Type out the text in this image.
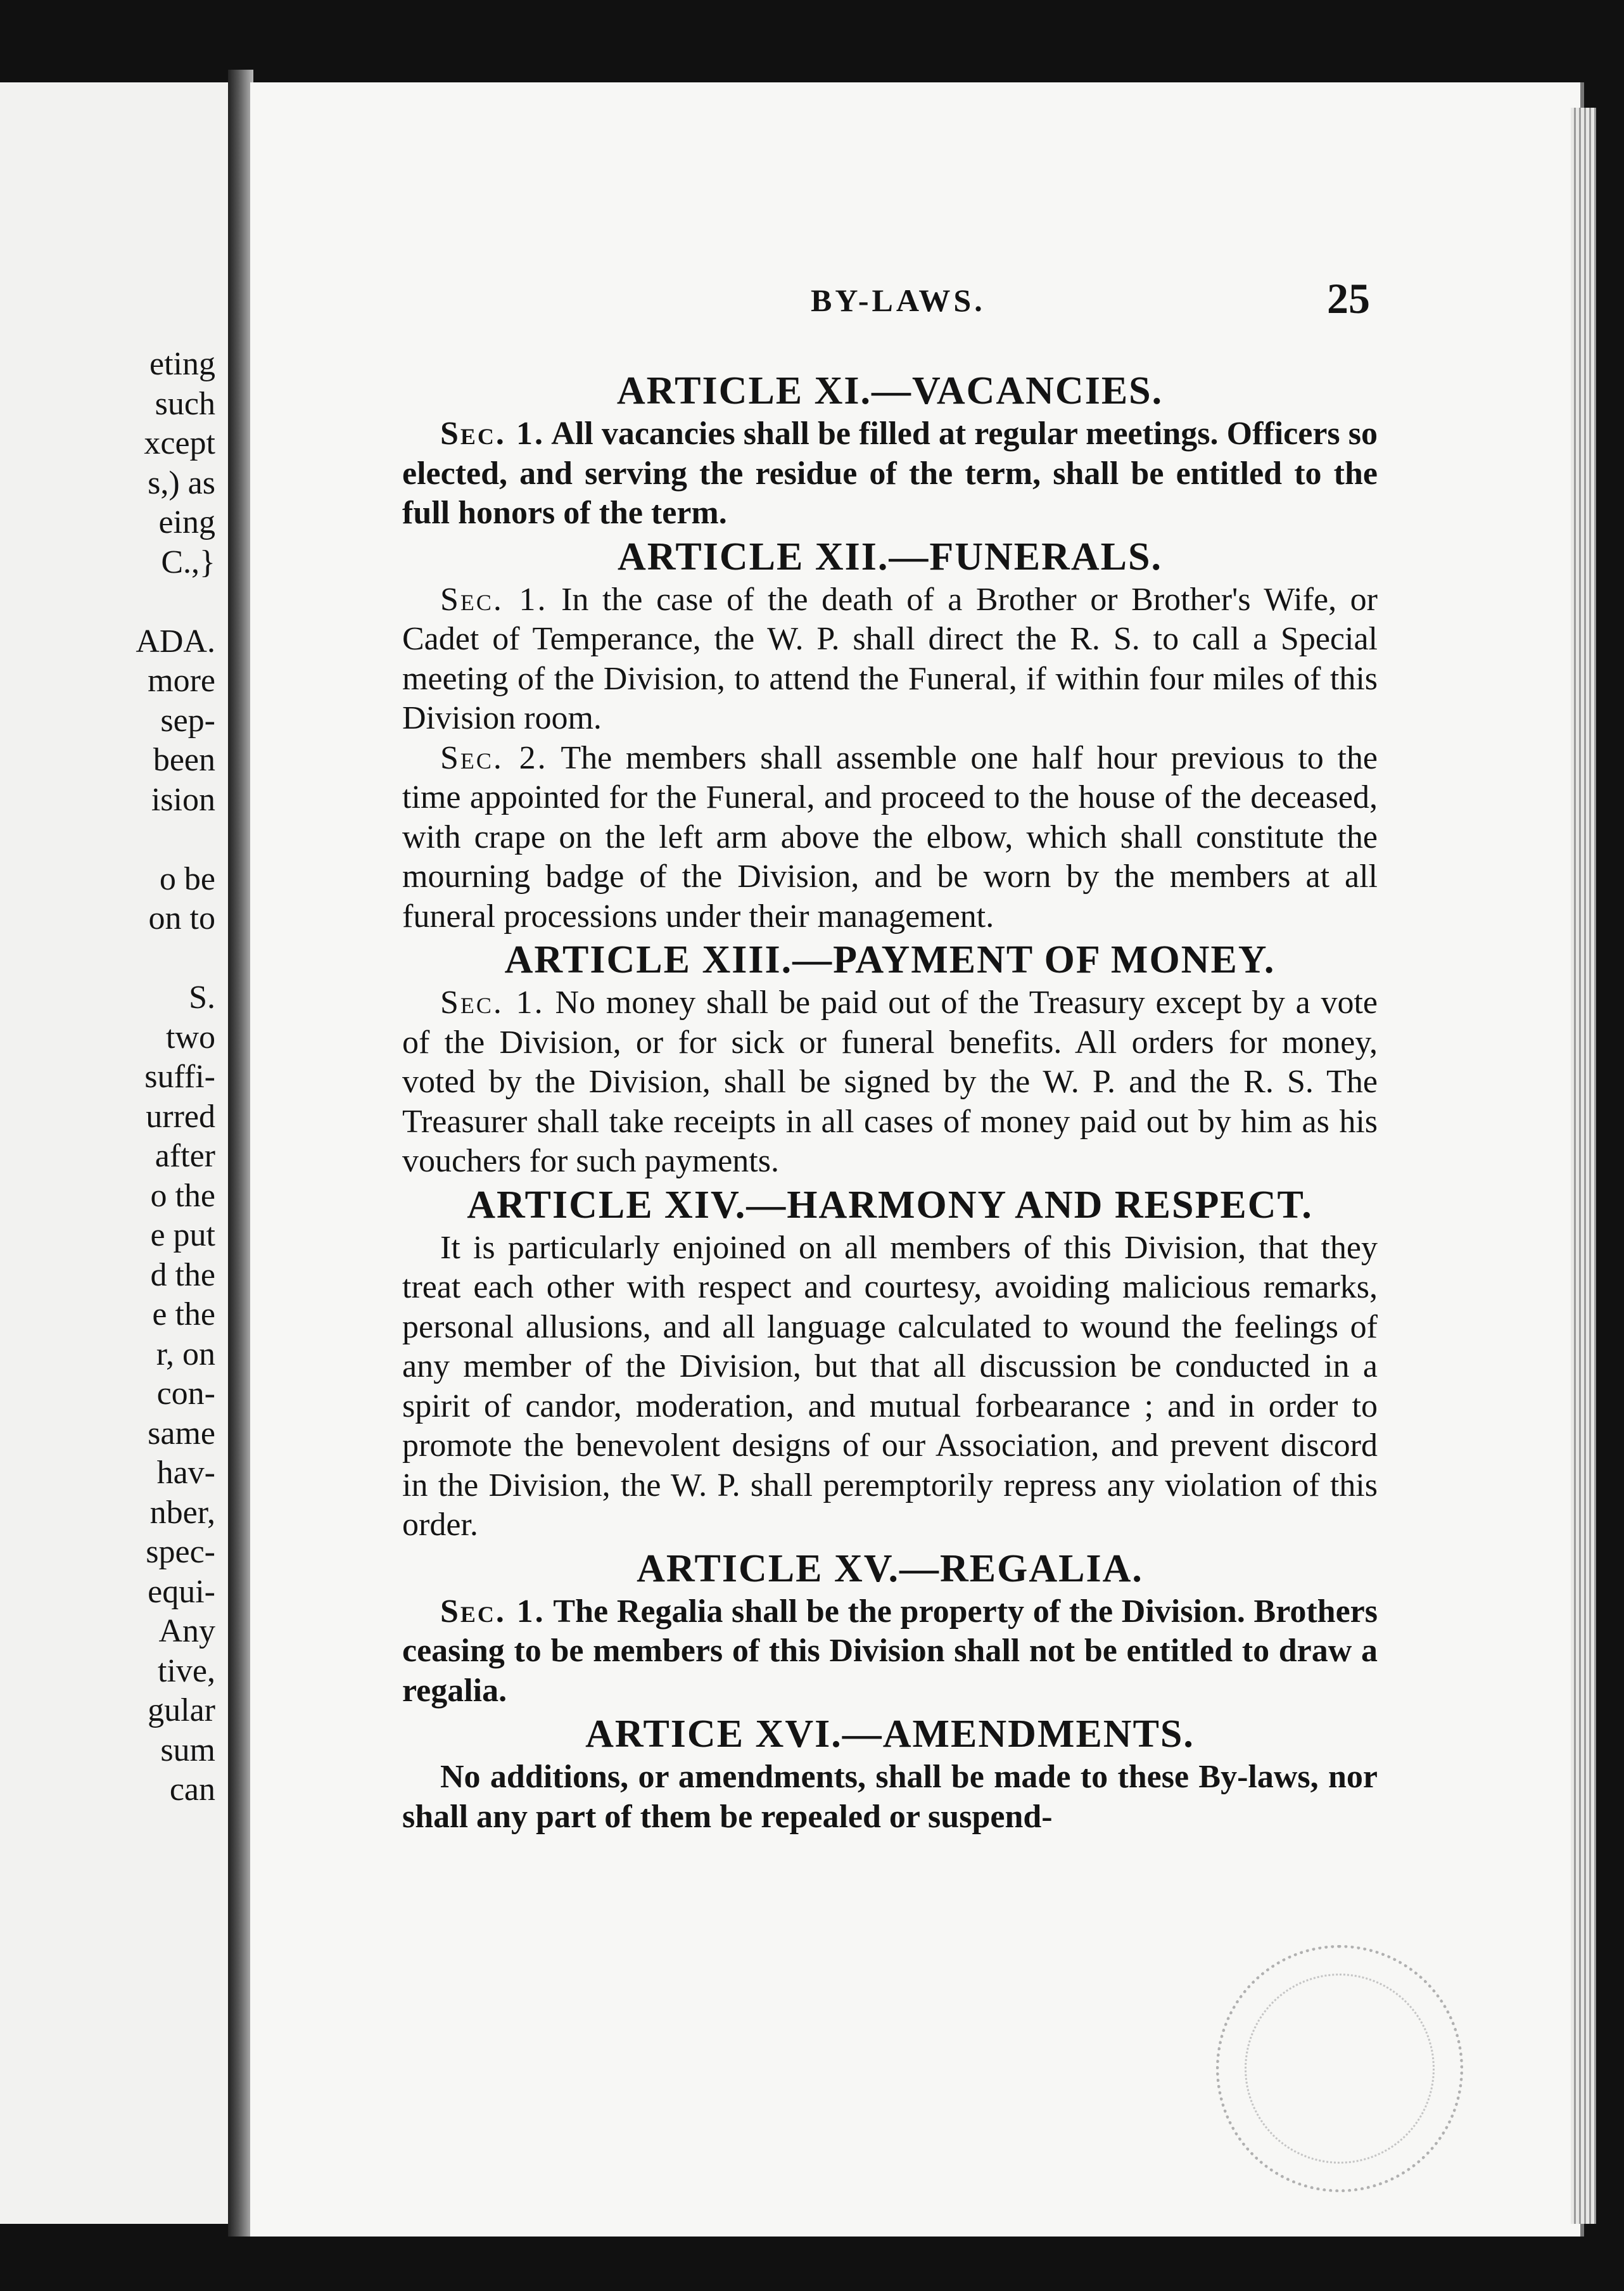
eting
such
xcept
s,) as
eing
C.,}
ADA.
more
sep-
been
ision
o be
on to
S.
two
suffi-
urred
after
o the
e put
d the
e the
r, on
con-
same
hav-
nber,
spec-
equi-
Any
tive,
gular
sum
can
BY-LAWS.	25
ARTICLE XI.—VACANCIES.

Sec. 1. All vacancies shall be filled at regular meetings. Officers so elected, and serving the residue of the term, shall be entitled to the full honors of the term.

ARTICLE XII.—FUNERALS.

Sec. 1. In the case of the death of a Brother or Brother's Wife, or Cadet of Temperance, the W. P. shall direct the R. S. to call a Special meeting of the Division, to attend the Funeral, if within four miles of this Division room.

Sec. 2. The members shall assemble one half hour previous to the time appointed for the Funeral, and proceed to the house of the deceased, with crape on the left arm above the elbow, which shall constitute the mourning badge of the Division, and be worn by the members at all funeral processions under their management.

ARTICLE XIII.—PAYMENT OF MONEY.

Sec. 1. No money shall be paid out of the Treasury except by a vote of the Division, or for sick or funeral benefits. All orders for money, voted by the Division, shall be signed by the W. P. and the R. S. The Treasurer shall take receipts in all cases of money paid out by him as his vouchers for such payments.

ARTICLE XIV.—HARMONY AND RESPECT.

It is particularly enjoined on all members of this Division, that they treat each other with respect and courtesy, avoiding malicious remarks, personal allusions, and all language calculated to wound the feelings of any member of the Division, but that all discussion be conducted in a spirit of candor, moderation, and mutual forbearance ; and in order to promote the benevolent designs of our Association, and prevent discord in the Division, the W. P. shall peremptorily repress any violation of this order.

ARTICLE XV.—REGALIA.

Sec. 1. The Regalia shall be the property of the Division. Brothers ceasing to be members of this Division shall not be entitled to draw a regalia.

ARTICE XVI.—AMENDMENTS.

No additions, or amendments, shall be made to these By-laws, nor shall any part of them be repealed or suspend-
